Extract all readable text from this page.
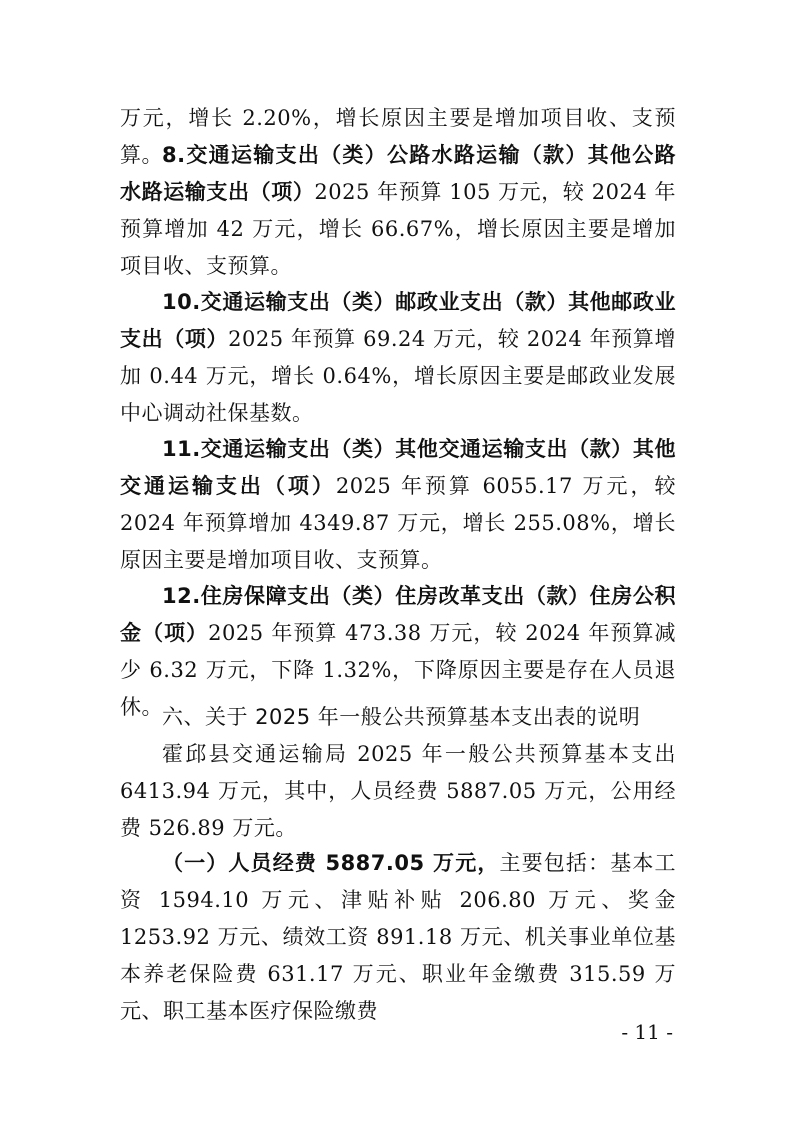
万元，增长 2.20%，增长原因主要是增加项目收、支预算。 8.交通运输支出（类）公路水路运输（款）其他公路水路运输支出（项）2025 年预算 105 万元，较 2024 年预算增加 42 万元，增长 66.67%，增长原因主要是增加项目收、支预算。

10.交通运输支出（类）邮政业支出（款）其他邮政业支出（项）2025 年预算 69.24 万元，较 2024 年预算增加 0.44 万元，增长 0.64%，增长原因主要是邮政业发展中心调动社保基数。

11.交通运输支出（类）其他交通运输支出（款）其他交通运输支出（项）2025 年预算 6055.17 万元，较 2024 年预算增加 4349.87 万元，增长 255.08%，增长原因主要是增加项目收、支预算。

12.住房保障支出（类）住房改革支出（款）住房公积金（项）2025 年预算 473.38 万元，较 2024 年预算减少 6.32 万元，下降 1.32%，下降原因主要是存在人员退休。 六、关于 2025 年一般公共预算基本支出表的说明

霍邱县交通运输局 2025 年一般公共预算基本支出 6413.94 万元，其中，人员经费 5887.05 万元，公用经费 526.89 万元。

（一）人员经费 5887.05 万元，主要包括：基本工资 1594.10 万元、津贴补贴 206.80 万元、奖金 1253.92 万元、绩效工资 891.18 万元、机关事业单位基本养老保险费 631.17 万元、职业年金缴费 315.59 万元、职工基本医疗保险缴费

- 11 -
